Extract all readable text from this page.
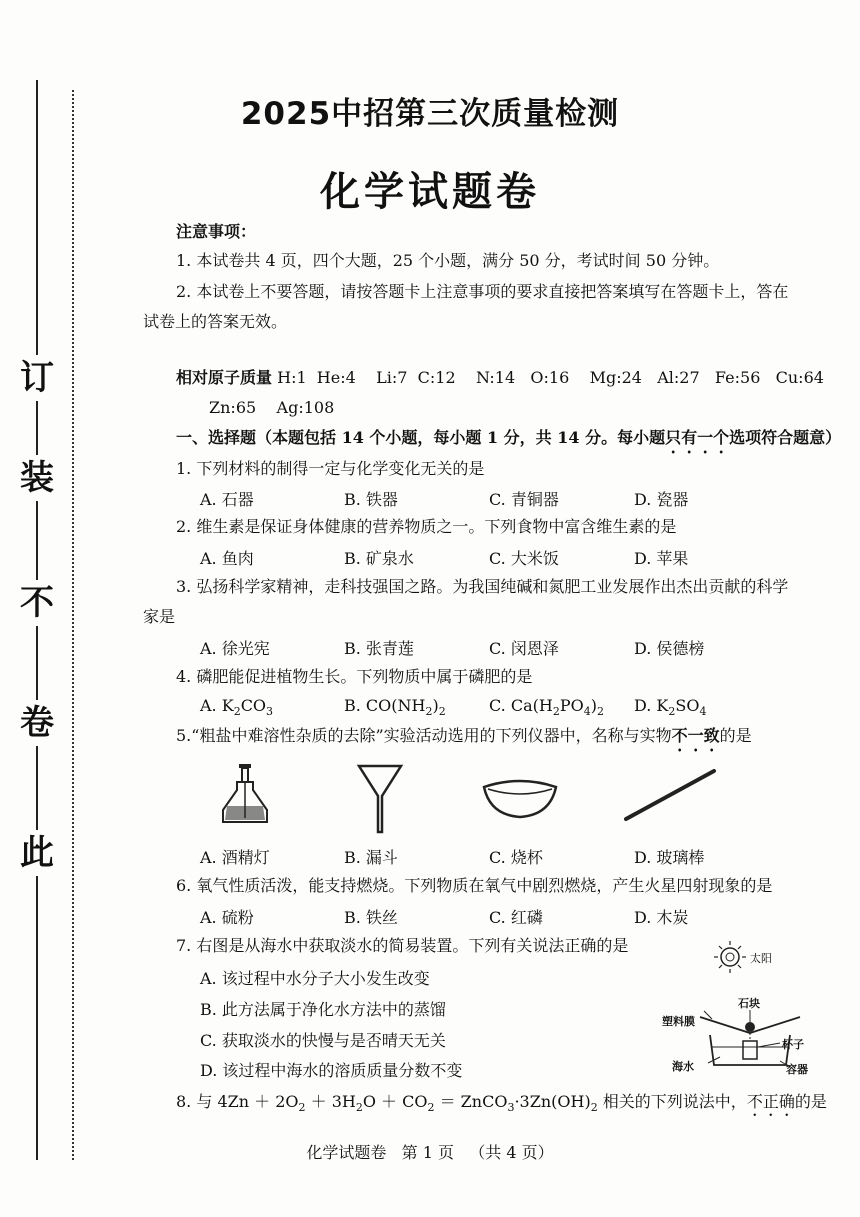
订
装
不
卷
此
2025中招第三次质量检测
化学试题卷
注意事项：
1. 本试卷共 4 页，四个大题，25 个小题，满分 50 分，考试时间 50 分钟。
2. 本试卷上不要答题，请按答题卡上注意事项的要求直接把答案填写在答题卡上，答在
试卷上的答案无效。
相对原子质量 H:1  He:4    Li:7  C:12    N:14   O:16    Mg:24   Al:27   Fe:56   Cu:64
Zn:65    Ag:108
一、选择题（本题包括 14 个小题，每小题 1 分，共 14 分。每小题只有一个选项符合题意）
1. 下列材料的制得一定与化学变化无关的是
A. 石器	B. 铁器	C. 青铜器	D. 瓷器
2. 维生素是保证身体健康的营养物质之一。下列食物中富含维生素的是
A. 鱼肉	B. 矿泉水	C. 大米饭	D. 苹果
3. 弘扬科学家精神，走科技强国之路。为我国纯碱和氮肥工业发展作出杰出贡献的科学
家是
A. 徐光宪	B. 张青莲	C. 闵恩泽	D. 侯德榜
4. 磷肥能促进植物生长。下列物质中属于磷肥的是
A. $K_2CO_3$	B. $CO(NH_2)_2$	C. $Ca(H_2PO_4)_2$ D. $K_2SO_4$
5.“粗盐中难溶性杂质的去除”实验活动选用的下列仪器中，名称与实物不一致的是
A. 酒精灯	B. 漏斗	C. 烧杯	D. 玻璃棒
6. 氧气性质活泼，能支持燃烧。下列物质在氧气中剧烈燃烧，产生火星四射现象的是
A. 硫粉	B. 铁丝	C. 红磷	D. 木炭
7. 右图是从海水中获取淡水的简易装置。下列有关说法正确的是
A. 该过程中水分子大小发生改变
B. 此方法属于净化水方法中的蒸馏
C. 获取淡水的快慢与是否晴天无关
D. 该过程中海水的溶质质量分数不变
太阳
石块
塑料膜
杯子
海水	容器
8. 与 $4Zn + 2O_2 + 3H_2O + CO_2$ ＝ $ZnCO_3\cdot 3Zn(OH)_2$ 相关的下列说法中，不正确的是
化学试题卷   第 1 页   （共 4 页）
